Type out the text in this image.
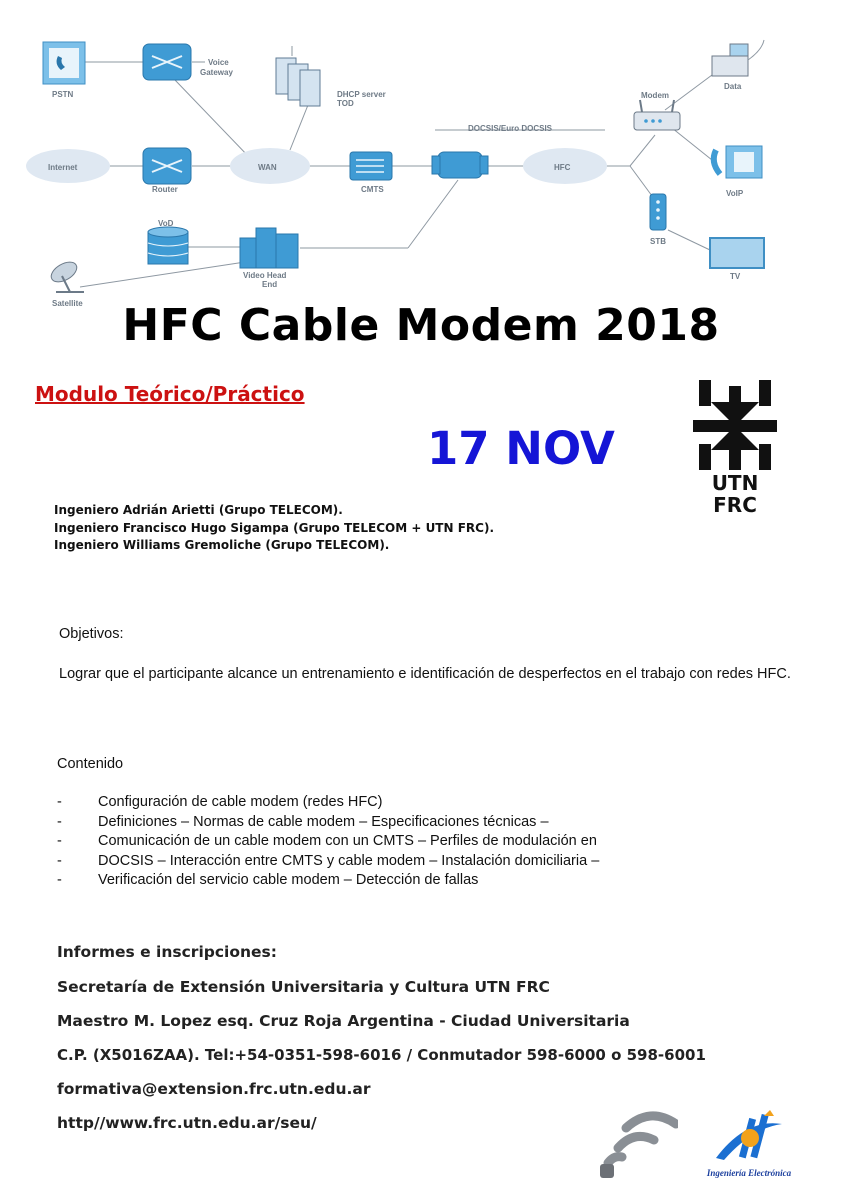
PSTN
Voice
Gateway
DHCP server
TOD
Internet
Router
WAN
CMTS
DOCSIS/Euro DOCSIS
HFC
Modem
Data
VoIP
STB
TV
VoD
Video Head
End
Satellite HFC Cable Modem 2018
Modulo Teórico/Práctico
17 NOV
UTN
FRC
Ingeniero Adrián Arietti (Grupo TELECOM).
Ingeniero Francisco Hugo Sigampa (Grupo TELECOM + UTN FRC).
Ingeniero Williams Gremoliche (Grupo TELECOM).
Objetivos:
Lograr que el participante alcance un entrenamiento e identificación de desperfectos en el trabajo con redes HFC.
Contenido
- Configuración de cable modem (redes HFC)
- Definiciones – Normas de cable modem – Especificaciones técnicas –
- Comunicación de un cable modem con un CMTS – Perfiles de modulación en
- DOCSIS – Interacción entre CMTS y cable modem – Instalación domiciliaria –
- Verificación del servicio cable modem – Detección de fallas
Informes e inscripciones:
Secretaría de Extensión Universitaria y Cultura UTN FRC
Maestro M. Lopez esq. Cruz Roja Argentina - Ciudad Universitaria
C.P. (X5016ZAA). Tel:+54-0351-598-6016 / Conmutador 598-6000 o 598-6001
formativa@extension.frc.utn.edu.ar
http//www.frc.utn.edu.ar/seu/
Ingeniería Electrónica
